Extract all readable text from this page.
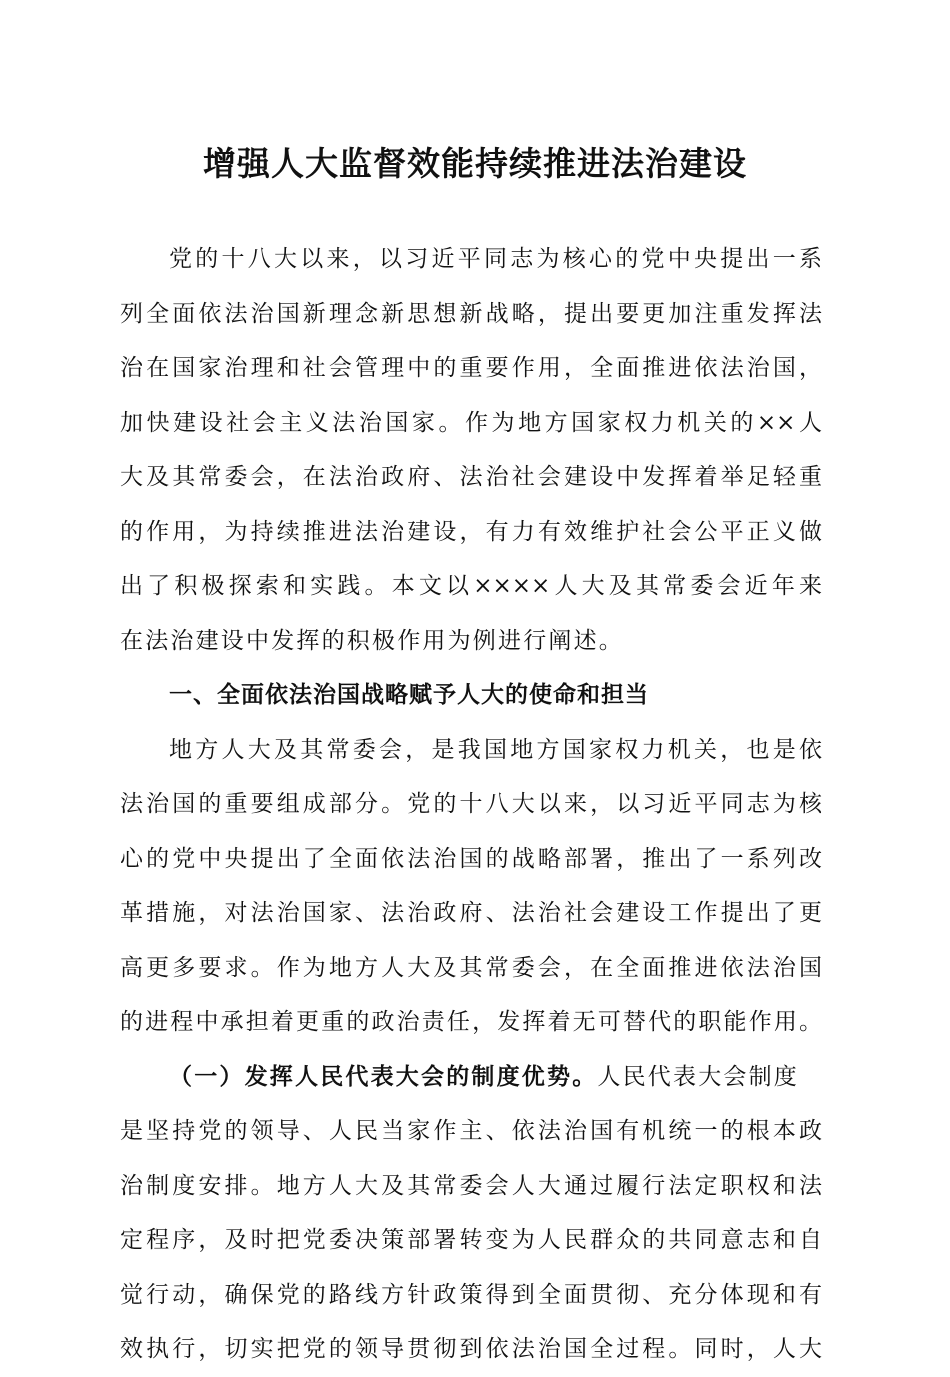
增强人大监督效能持续推进法治建设
党的十八大以来，以习近平同志为核心的党中央提出一系
列全面依法治国新理念新思想新战略，提出要更加注重发挥法
治在国家治理和社会管理中的重要作用，全面推进依法治国，
加快建设社会主义法治国家。作为地方国家权力机关的××人
大及其常委会，在法治政府、法治社会建设中发挥着举足轻重
的作用，为持续推进法治建设，有力有效维护社会公平正义做
出了积极探索和实践。本文以××××人大及其常委会近年来
在法治建设中发挥的积极作用为例进行阐述。
一、全面依法治国战略赋予人大的使命和担当
地方人大及其常委会，是我国地方国家权力机关，也是依
法治国的重要组成部分。党的十八大以来，以习近平同志为核
心的党中央提出了全面依法治国的战略部署，推出了一系列改
革措施，对法治国家、法治政府、法治社会建设工作提出了更
高更多要求。作为地方人大及其常委会，在全面推进依法治国
的进程中承担着更重的政治责任，发挥着无可替代的职能作用。
（一）发挥人民代表大会的制度优势。人民代表大会制度
是坚持党的领导、人民当家作主、依法治国有机统一的根本政
治制度安排。地方人大及其常委会人大通过履行法定职权和法
定程序，及时把党委决策部署转变为人民群众的共同意志和自
觉行动，确保党的路线方针政策得到全面贯彻、充分体现和有
效执行，切实把党的领导贯彻到依法治国全过程。同时，人大
